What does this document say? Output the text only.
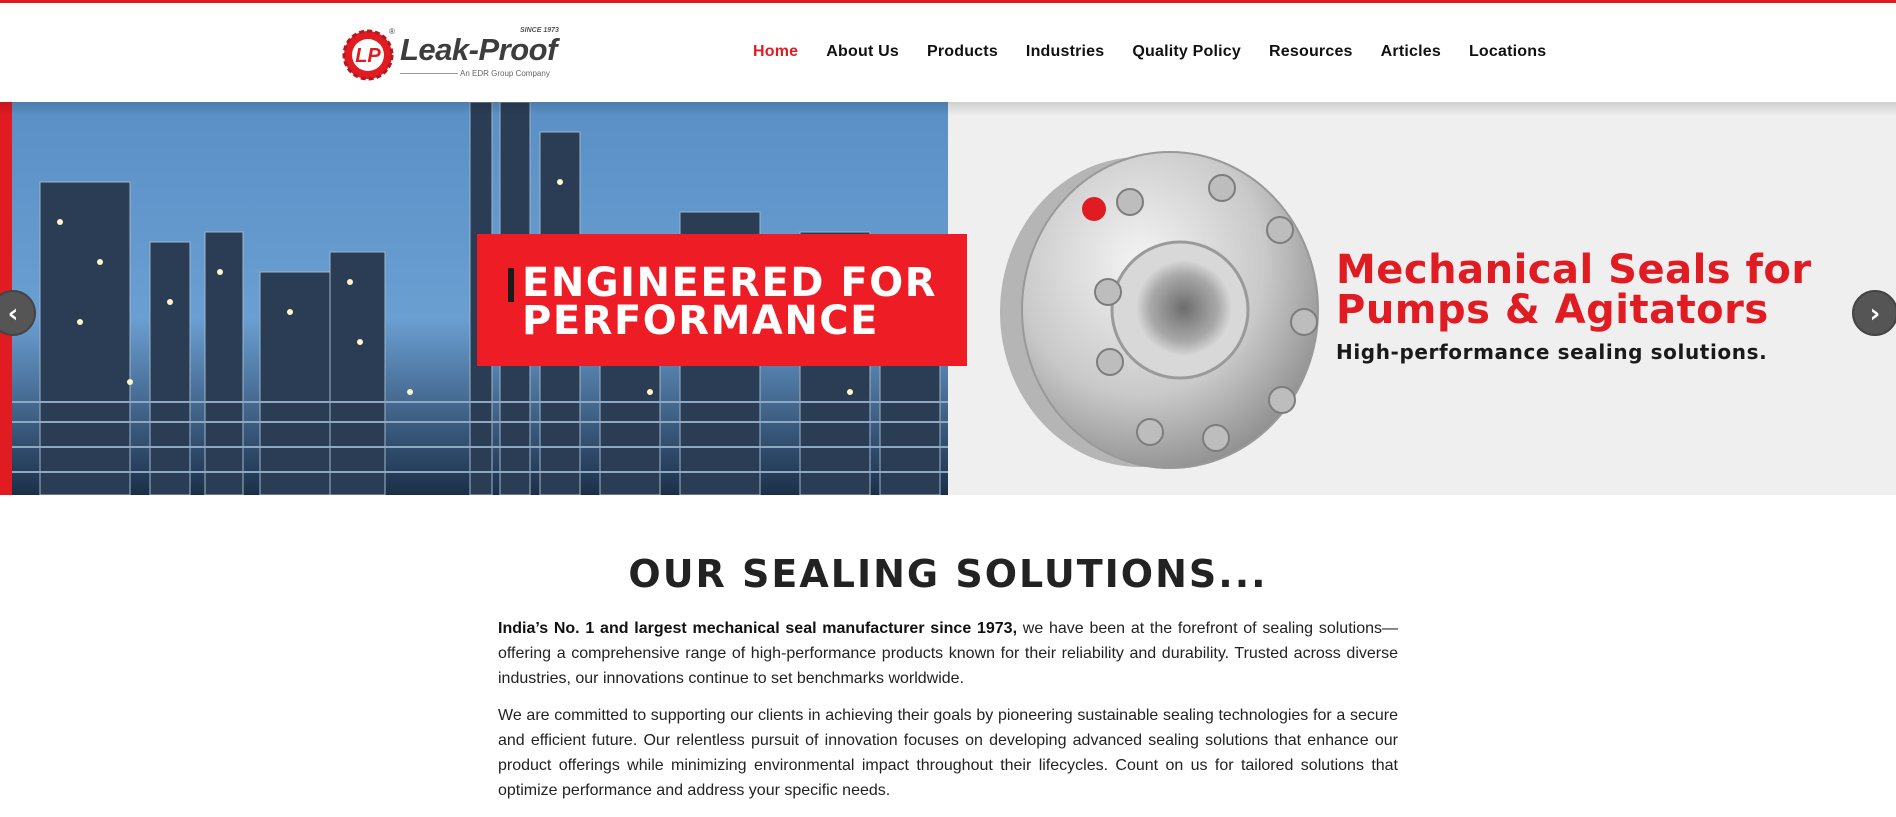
LP
®	SINCE 1973
Leak-Proof
An EDR Group Company
Home About Us Products Industries Quality Policy Resources Articles Locations
ENGINEERED FOR
PERFORMANCE
Mechanical Seals for
Pumps & Agitators
High-performance sealing solutions.
‹	›
OUR SEALING SOLUTIONS...

India’s No. 1 and largest mechanical seal manufacturer since 1973, we have been at the forefront of sealing solutions—offering a comprehensive range of high-performance products known for their reliability and durability. Trusted across diverse industries, our innovations continue to set benchmarks worldwide.

We are committed to supporting our clients in achieving their goals by pioneering sustainable sealing technologies for a secure and efficient future. Our relentless pursuit of innovation focuses on developing advanced sealing solutions that enhance our product offerings while minimizing environmental impact throughout their lifecycles. Count on us for tailored solutions that optimize performance and address your specific needs.
